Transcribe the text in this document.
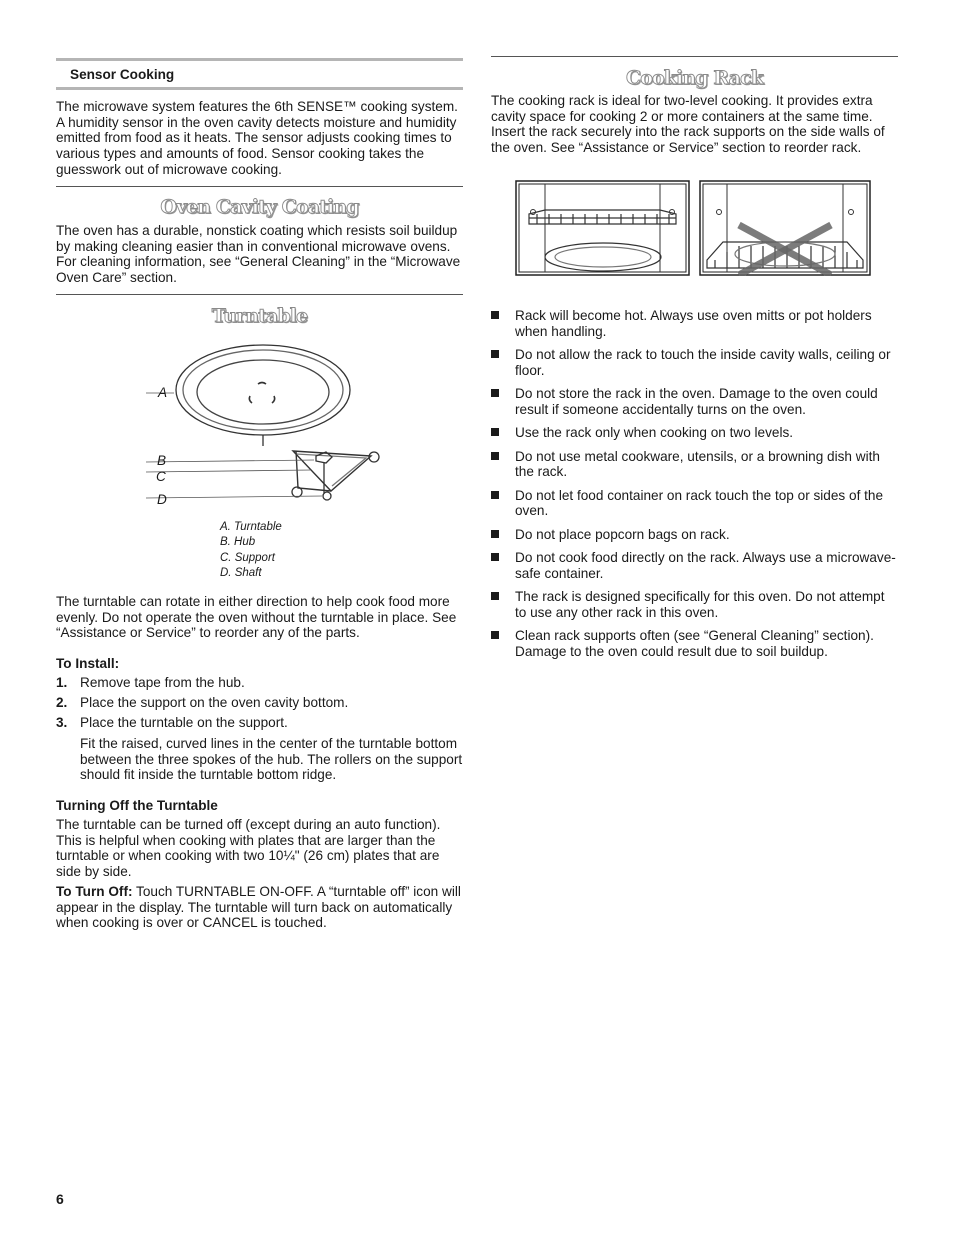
Sensor Cooking

The microwave system features the 6th SENSE™ cooking system. A humidity sensor in the oven cavity detects moisture and humidity emitted from food as it heats. The sensor adjusts cooking times to various types and amounts of food. Sensor cooking takes the guesswork out of microwave cooking.

Oven Cavity Coating

The oven has a durable, nonstick coating which resists soil buildup by making cleaning easier than in conventional microwave ovens. For cleaning information, see “General Cleaning” in the “Microwave Oven Care” section.

Turntable
A
B
C
D
A. Turntable
B. Hub
C. Support
D. Shaft

The turntable can rotate in either direction to help cook food more evenly. Do not operate the oven without the turntable in place. See “Assistance or Service” to reorder any of the parts.

To Install:
1. Remove tape from the hub.
2. Place the support on the oven cavity bottom.
3. Place the turntable on the support.

Fit the raised, curved lines in the center of the turntable bottom between the three spokes of the hub. The rollers on the support should fit inside the turntable bottom ridge.

Turning Off the Turntable

The turntable can be turned off (except during an auto function). This is helpful when cooking with plates that are larger than the turntable or when cooking with two 10¼" (26 cm) plates that are side by side.

To Turn Off: Touch TURNTABLE ON-OFF. A “turntable off” icon will appear in the display. The turntable will turn back on automatically when cooking is over or CANCEL is touched.

Cooking Rack

The cooking rack is ideal for two-level cooking. It provides extra cavity space for cooking 2 or more containers at the same time. Insert the rack securely into the rack supports on the side walls of the oven. See “Assistance or Service” section to reorder rack.

Rack will become hot. Always use oven mitts or pot holders when handling.
Do not allow the rack to touch the inside cavity walls, ceiling or floor.
Do not store the rack in the oven. Damage to the oven could result if someone accidentally turns on the oven.
Use the rack only when cooking on two levels.
Do not use metal cookware, utensils, or a browning dish with the rack.
Do not let food container on rack touch the top or sides of the oven.
Do not place popcorn bags on rack.
Do not cook food directly on the rack. Always use a microwave-safe container.
The rack is designed specifically for this oven. Do not attempt to use any other rack in this oven.
Clean rack supports often (see “General Cleaning” section). Damage to the oven could result due to soil buildup.
6
